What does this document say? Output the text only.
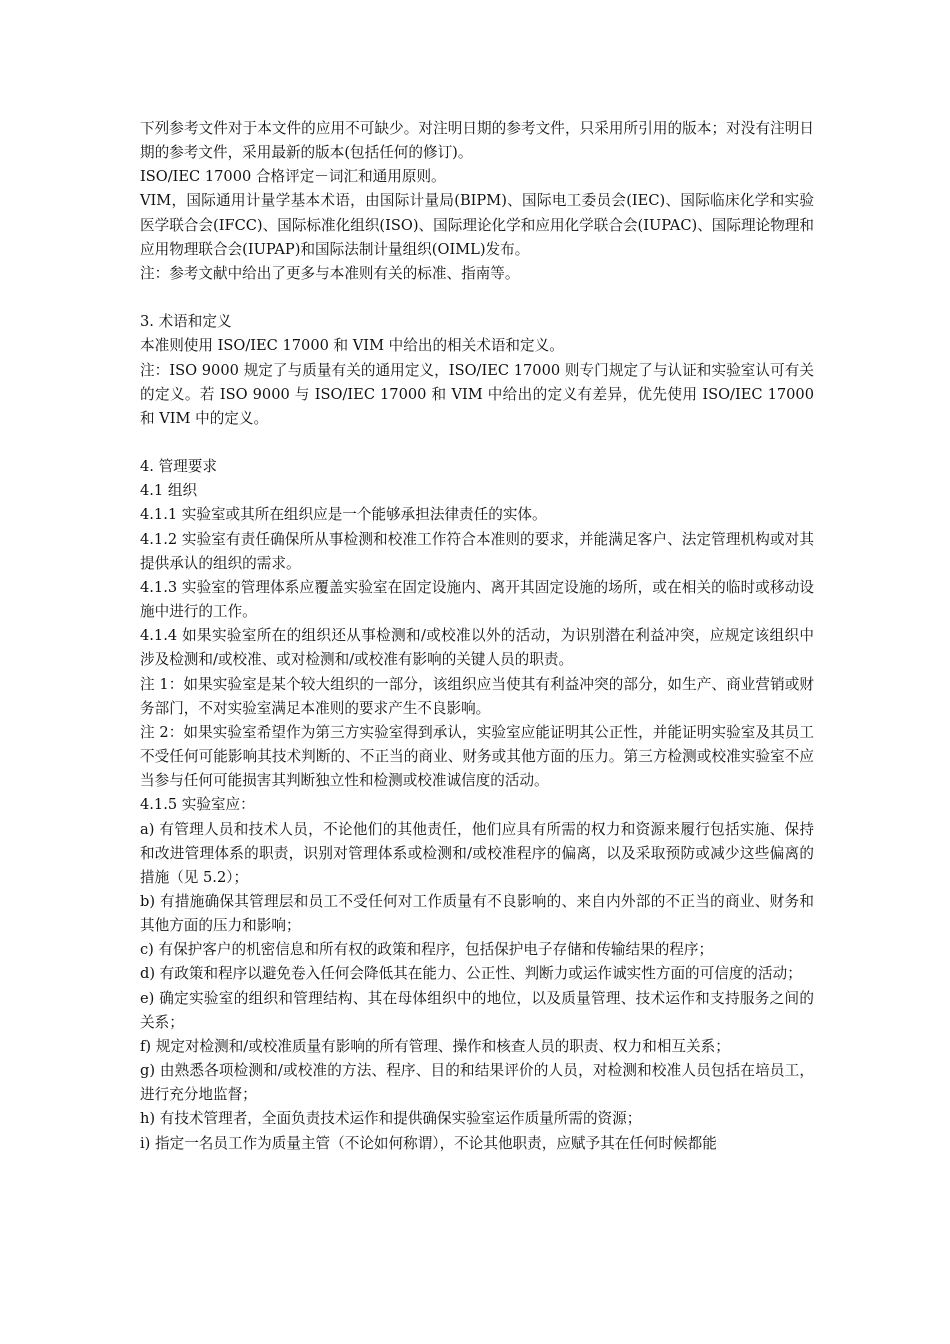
下列参考文件对于本文件的应用不可缺少。对注明日期的参考文件，只采用所引用的版本；对没有注明日期的参考文件，采用最新的版本(包括任何的修订)。

ISO/IEC 17000 合格评定－词汇和通用原则。

VIM，国际通用计量学基本术语，由国际计量局(BIPM)、国际电工委员会(IEC)、国际临床化学和实验医学联合会(IFCC)、国际标准化组织(ISO)、国际理论化学和应用化学联合会(IUPAC)、国际理论物理和应用物理联合会(IUPAP)和国际法制计量组织(OIML)发布。

注：参考文献中给出了更多与本准则有关的标准、指南等。

3. 术语和定义

本准则使用 ISO/IEC 17000 和 VIM 中给出的相关术语和定义。

注：ISO 9000 规定了与质量有关的通用定义，ISO/IEC 17000 则专门规定了与认证和实验室认可有关的定义。若 ISO 9000 与 ISO/IEC 17000 和 VIM 中给出的定义有差异，优先使用 ISO/IEC 17000 和 VIM 中的定义。

4. 管理要求

4.1 组织

4.1.1 实验室或其所在组织应是一个能够承担法律责任的实体。

4.1.2 实验室有责任确保所从事检测和校准工作符合本准则的要求，并能满足客户、法定管理机构或对其提供承认的组织的需求。

4.1.3 实验室的管理体系应覆盖实验室在固定设施内、离开其固定设施的场所，或在相关的临时或移动设施中进行的工作。

4.1.4 如果实验室所在的组织还从事检测和/或校准以外的活动，为识别潜在利益冲突，应规定该组织中涉及检测和/或校准、或对检测和/或校准有影响的关键人员的职责。

注 1：如果实验室是某个较大组织的一部分，该组织应当使其有利益冲突的部分，如生产、商业营销或财务部门，不对实验室满足本准则的要求产生不良影响。

注 2：如果实验室希望作为第三方实验室得到承认，实验室应能证明其公正性，并能证明实验室及其员工不受任何可能影响其技术判断的、不正当的商业、财务或其他方面的压力。第三方检测或校准实验室不应当参与任何可能损害其判断独立性和检测或校准诚信度的活动。

4.1.5 实验室应：

a) 有管理人员和技术人员，不论他们的其他责任，他们应具有所需的权力和资源来履行包括实施、保持和改进管理体系的职责，识别对管理体系或检测和/或校准程序的偏离，以及采取预防或减少这些偏离的措施（见 5.2）；

b) 有措施确保其管理层和员工不受任何对工作质量有不良影响的、来自内外部的不正当的商业、财务和其他方面的压力和影响；

c) 有保护客户的机密信息和所有权的政策和程序，包括保护电子存储和传输结果的程序；

d) 有政策和程序以避免卷入任何会降低其在能力、公正性、判断力或运作诚实性方面的可信度的活动；

e) 确定实验室的组织和管理结构、其在母体组织中的地位，以及质量管理、技术运作和支持服务之间的关系；

f) 规定对检测和/或校准质量有影响的所有管理、操作和核查人员的职责、权力和相互关系；

g) 由熟悉各项检测和/或校准的方法、程序、目的和结果评价的人员，对检测和校准人员包括在培员工，进行充分地监督；

h) 有技术管理者，全面负责技术运作和提供确保实验室运作质量所需的资源；

i) 指定一名员工作为质量主管（不论如何称谓），不论其他职责，应赋予其在任何时候都能
